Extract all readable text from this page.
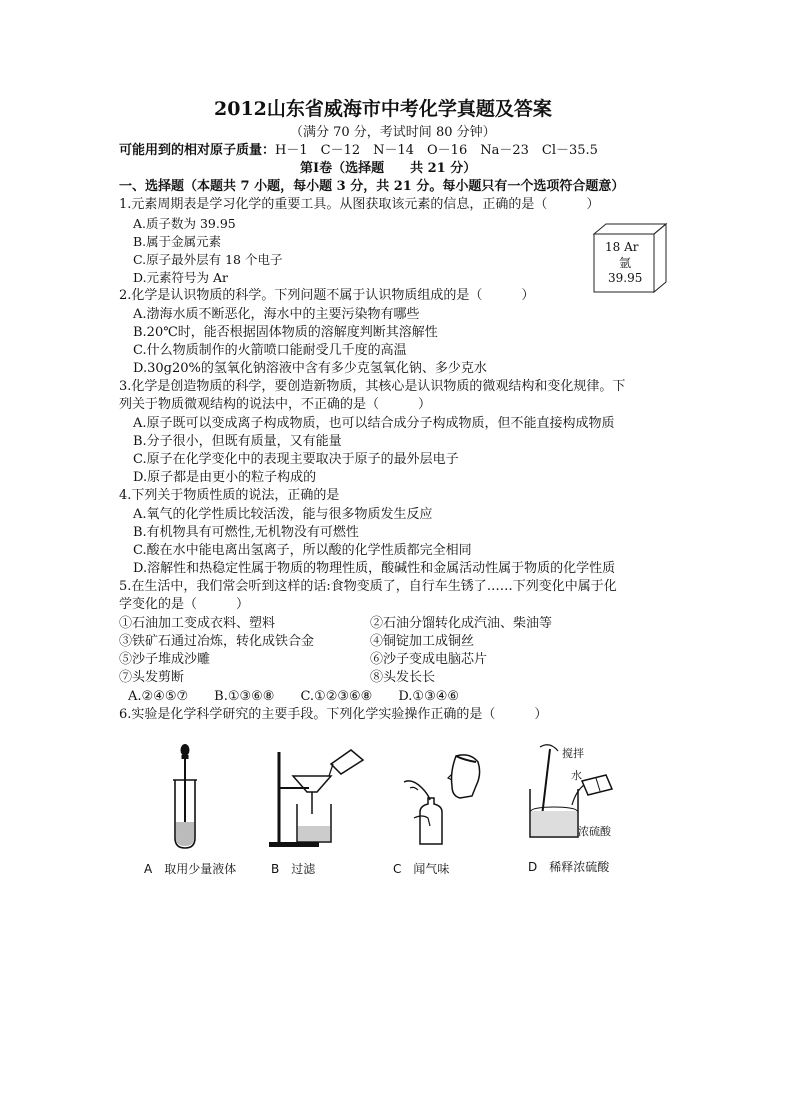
2012山东省威海市中考化学真题及答案
（满分 70 分，考试时间 80 分钟）
可能用到的相对原子质量：H－1　C－12　N－14　O－16　Na－23　Cl－35.5
第Ⅰ卷（选择题　　共 21 分）
一、选择题（本题共 7 小题，每小题 3 分，共 21 分。每小题只有一个选项符合题意）
1.元素周期表是学习化学的重要工具。从图获取该元素的信息，正确的是（　　　）
A.质子数为 39.95
B.属于金属元素
C.原子最外层有 18 个电子
D.元素符号为 Ar
18 Ar
氩
39.95
2.化学是认识物质的科学。下列问题不属于认识物质组成的是（　　　）
A.渤海水质不断恶化，海水中的主要污染物有哪些
B.20℃时，能否根据固体物质的溶解度判断其溶解性
C.什么物质制作的火箭喷口能耐受几千度的高温
D.30g20%的氢氧化钠溶液中含有多少克氢氧化钠、多少克水
3.化学是创造物质的科学，要创造新物质，其核心是认识物质的微观结构和变化规律。下
列关于物质微观结构的说法中，不正确的是（　　　）
A.原子既可以变成离子构成物质，也可以结合成分子构成物质，但不能直接构成物质
B.分子很小，但既有质量，又有能量
C.原子在化学变化中的表现主要取决于原子的最外层电子
D.原子都是由更小的粒子构成的
4.下列关于物质性质的说法，正确的是
A.氧气的化学性质比较活泼，能与很多物质发生反应
B.有机物具有可燃性,无机物没有可燃性
C.酸在水中能电离出氢离子，所以酸的化学性质都完全相同
D.溶解性和热稳定性属于物质的物理性质，酸碱性和金属活动性属于物质的化学性质
5.在生活中，我们常会听到这样的话:食物变质了，自行车生锈了……下列变化中属于化
学变化的是（　　　）
①石油加工变成衣料、塑料	②石油分馏转化成汽油、柴油等
③铁矿石通过冶炼，转化成铁合金	④铜锭加工成铜丝
⑤沙子堆成沙雕	⑥沙子变成电脑芯片
⑦头发剪断	⑧头发长长
A.②④⑤⑦　　B.①③⑥⑧　　C.①②③⑥⑧　　D.①③④⑥
6.实验是化学科学研究的主要手段。下列化学实验操作正确的是（　　　）
搅拌
水
浓硫酸
A　取用少量液体	B　过滤	C　闻气味	D　稀释浓硫酸
